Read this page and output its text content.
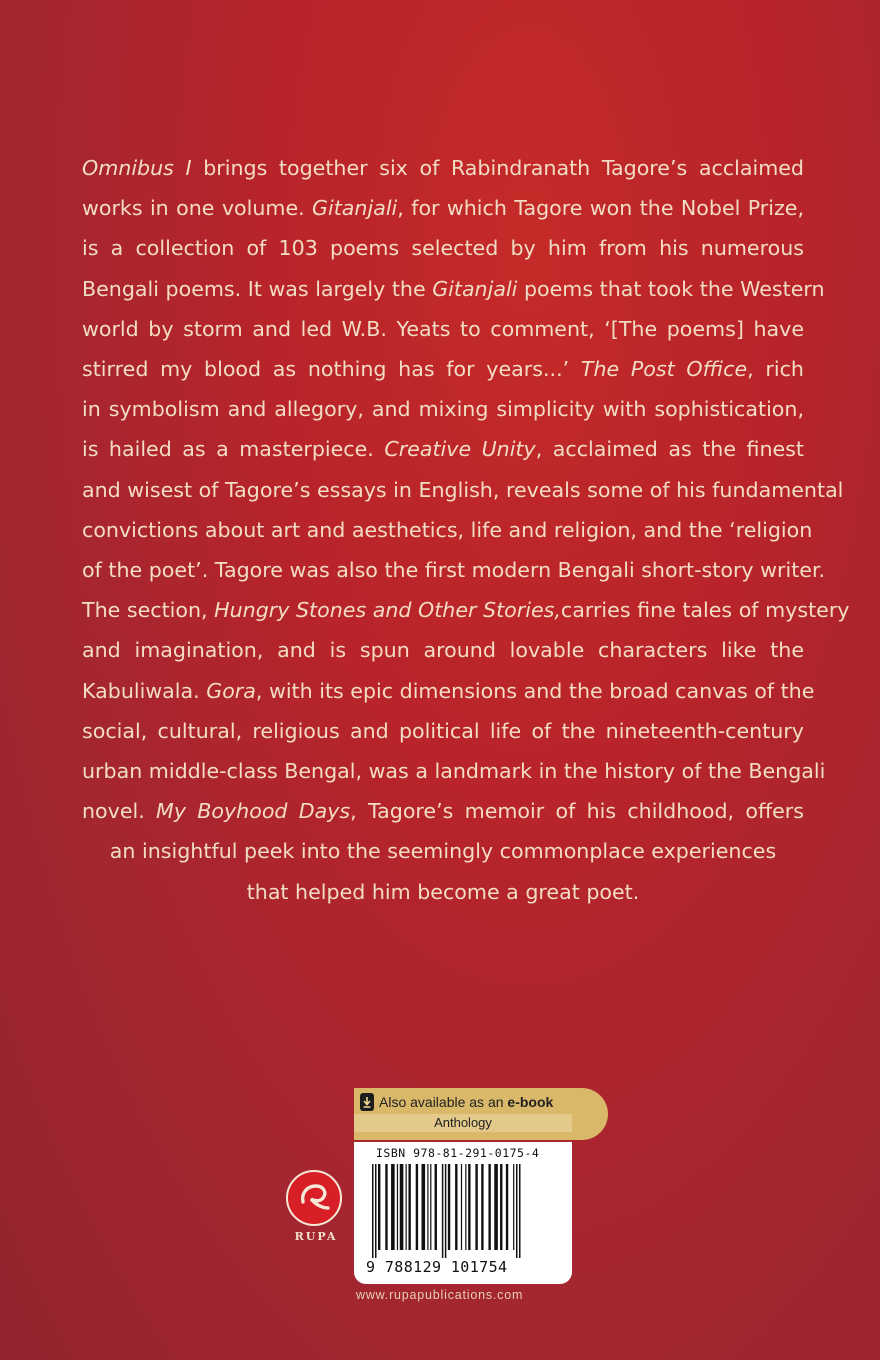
Omnibus I brings together six of Rabindranath Tagore’s acclaimed
works in one volume. Gitanjali, for which Tagore won the Nobel Prize,
is a collection of 103 poems selected by him from his numerous
Bengali poems. It was largely the Gitanjali poems that took the Western
world by storm and led W.B. Yeats to comment, ‘[The poems] have
stirred my blood as nothing has for years...’ The Post Office, rich
in symbolism and allegory, and mixing simplicity with sophistication,
is hailed as a masterpiece. Creative Unity, acclaimed as the finest
and wisest of Tagore’s essays in English, reveals some of his fundamental
convictions about art and aesthetics, life and religion, and the ‘religion
of the poet’. Tagore was also the first modern Bengali short-story writer.
The section, Hungry Stones and Other Stories,carries fine tales of mystery
and imagination, and is spun around lovable characters like the
Kabuliwala. Gora, with its epic dimensions and the broad canvas of the
social, cultural, religious and political life of the nineteenth-century
urban middle-class Bengal, was a landmark in the history of the Bengali
novel. My Boyhood Days, Tagore’s memoir of his childhood, offers
an insightful peek into the seemingly commonplace experiences
that helped him become a great poet.
Also available as an e-book
Anthology
ISBN 978-81-291-0175-4
9 788129 101754
RUPA
www.rupapublications.com
